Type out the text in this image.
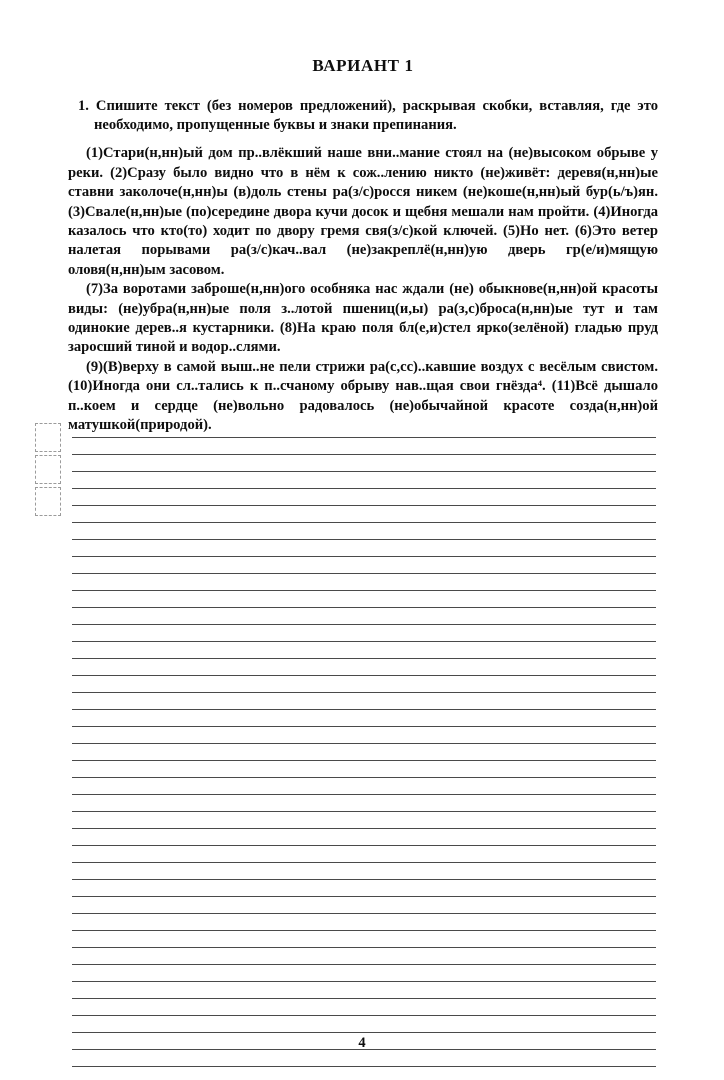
ВАРИАНТ 1
1. Спишите текст (без номеров предложений), раскрывая скобки, вставляя, где это необходимо, пропущенные буквы и знаки препинания.

(1)Стари(н,нн)ый дом пр..влёкший наше вни..мание стоял на (не)высоком обрыве у реки. (2)Сразу было видно что в нём к сож..лению никто (не)живёт: деревя(н,нн)ые ставни заколоче(н,нн)ы (в)доль стены ра(з/с)росся никем (не)коше(н,нн)ый бур(ь/ъ)ян. (3)Свале(н,нн)ые (по)середине двора кучи досок и щебня мешали нам пройти. (4)Иногда казалось что кто(то) ходит по двору гремя свя(з/с)кой ключей. (5)Но нет. (6)Это ветер налетая порывами ра(з/с)кач..вал (не)закреплё(н,нн)ую дверь гр(е/и)мящую оловя(н,нн)ым засовом.

(7)За воротами заброше(н,нн)ого особняка нас ждали (не) обыкнове(н,нн)ой красоты виды: (не)убра(н,нн)ые поля з..лотой пшениц(и,ы) ра(з,с)броса(н,нн)ые тут и там одинокие дерев..я кустарники. (8)На краю поля бл(е,и)стел ярко(зелёной) гладью пруд заросший тиной и водор..слями.

(9)(В)верху в самой выш..не пели стрижи ра(с,сс)..кавшие воздух с весёлым свистом. (10)Иногда они сл..тались к п..счаному обрыву нав..щая свои гнёзда⁴. (11)Всё дышало п..коем и сердце (не)вольно радовалось (не)обычайной красоте созда(н,нн)ой матушкой(природой).

4
